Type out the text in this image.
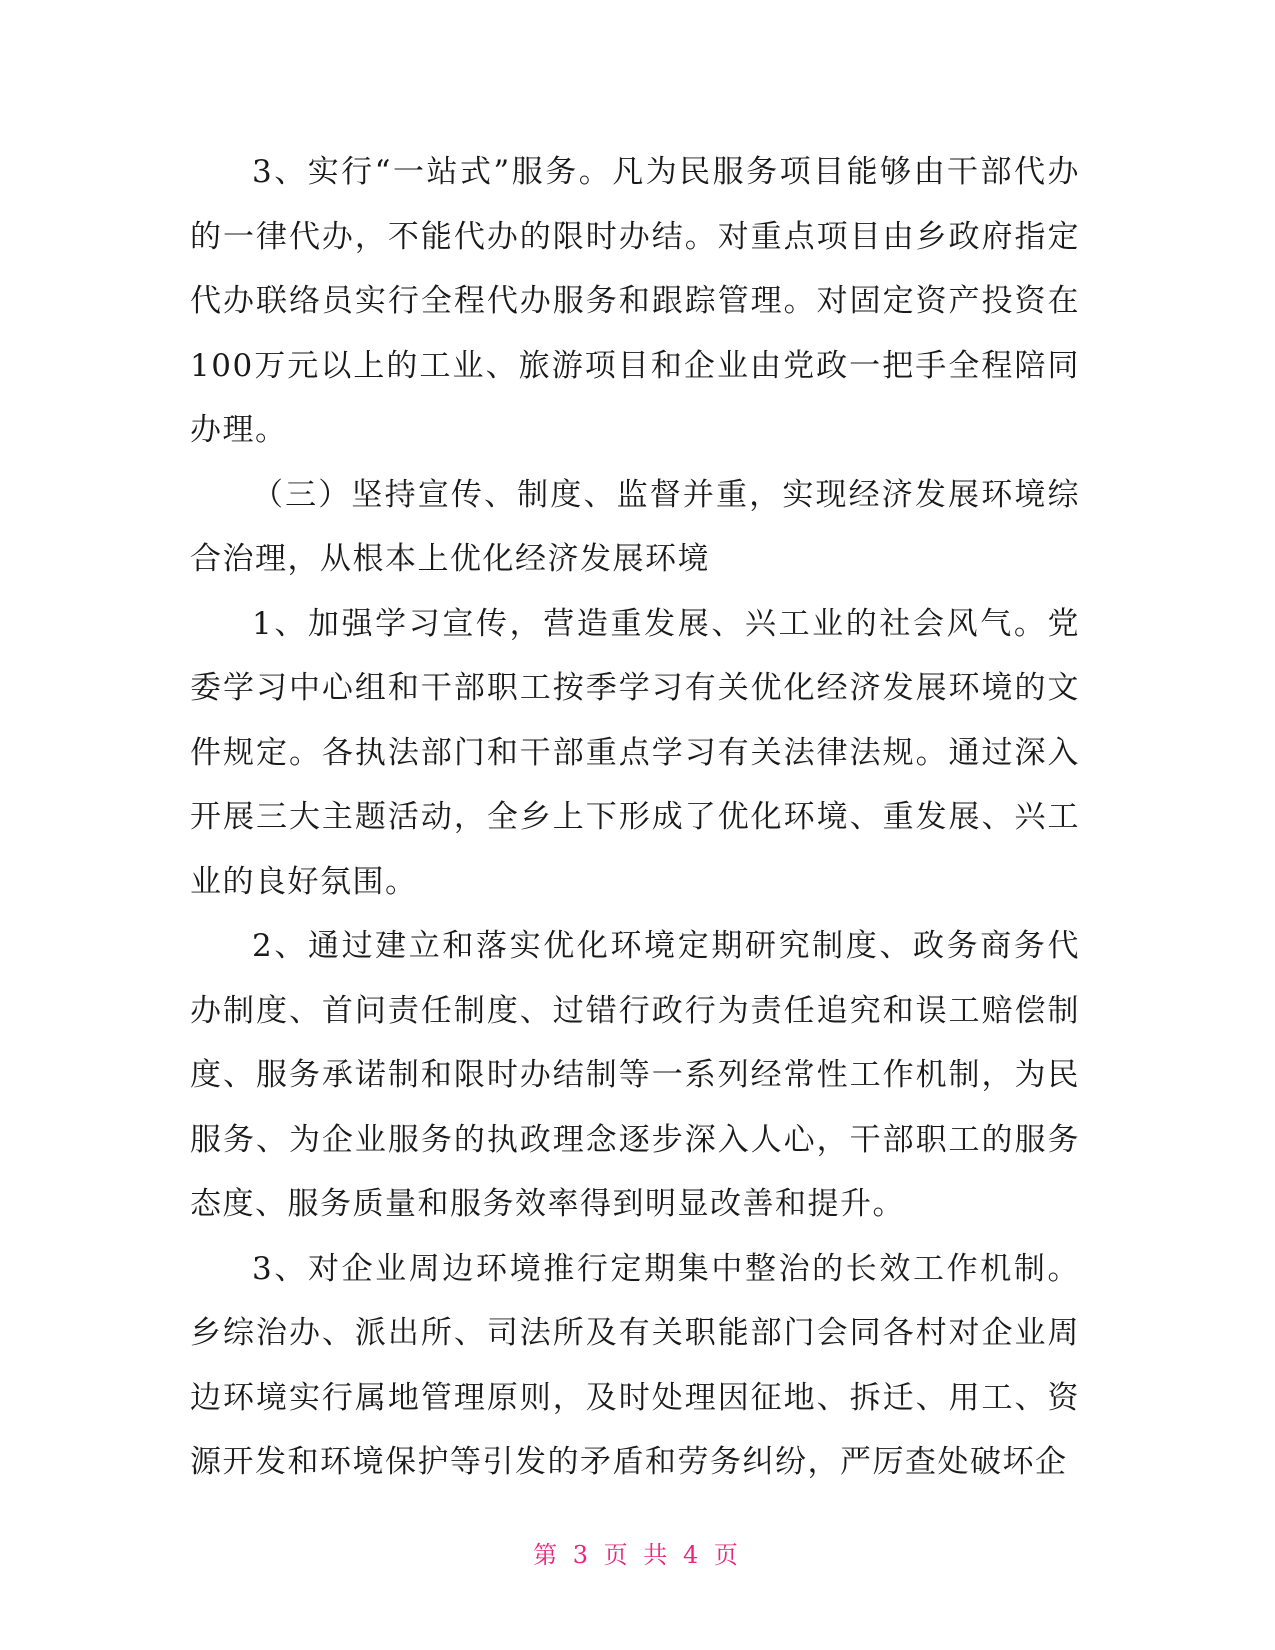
3、实行“一站式”服务。凡为民服务项目能够由干部代办的一律代办，不能代办的限时办结。对重点项目由乡政府指定代办联络员实行全程代办服务和跟踪管理。对固定资产投资在100万元以上的工业、旅游项目和企业由党政一把手全程陪同办理。

（三）坚持宣传、制度、监督并重，实现经济发展环境综合治理，从根本上优化经济发展环境

1、加强学习宣传，营造重发展、兴工业的社会风气。党委学习中心组和干部职工按季学习有关优化经济发展环境的文件规定。各执法部门和干部重点学习有关法律法规。通过深入开展三大主题活动，全乡上下形成了优化环境、重发展、兴工业的良好氛围。

2、通过建立和落实优化环境定期研究制度、政务商务代办制度、首问责任制度、过错行政行为责任追究和误工赔偿制度、服务承诺制和限时办结制等一系列经常性工作机制，为民服务、为企业服务的执政理念逐步深入人心，干部职工的服务态度、服务质量和服务效率得到明显改善和提升。

3、对企业周边环境推行定期集中整治的长效工作机制。乡综治办、派出所、司法所及有关职能部门会同各村对企业周边环境实行属地管理原则，及时处理因征地、拆迁、用工、资源开发和环境保护等引发的矛盾和劳务纠纷，严厉查处破坏企

第 3 页 共 4 页
